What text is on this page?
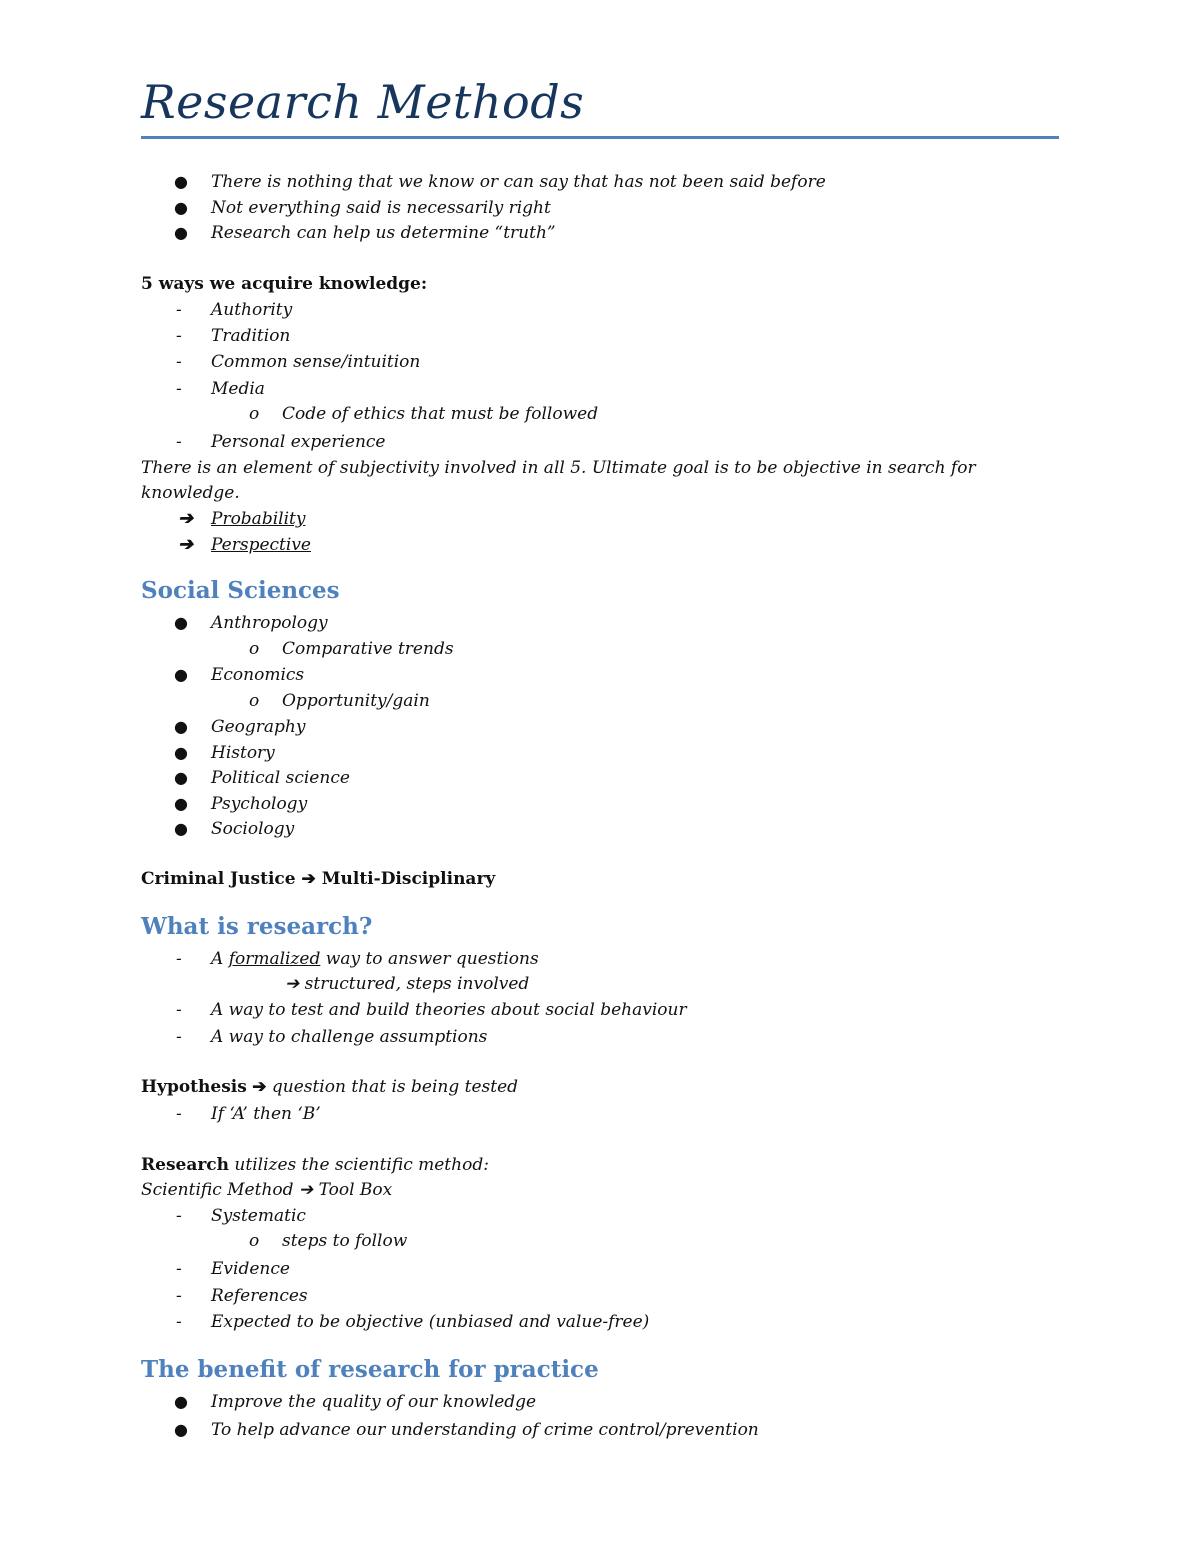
Research Methods
● There is nothing that we know or can say that has not been said before
● Not everything said is necessarily right
● Research can help us determine “truth”
5 ways we acquire knowledge:
- Authority
- Tradition
- Common sense/intuition
- Media
o Code of ethics that must be followed
- Personal experience
There is an element of subjectivity involved in all 5. Ultimate goal is to be objective in search for
knowledge.
➔ Probability
➔ Perspective
Social Sciences
● Anthropology
o Comparative trends
● Economics
o Opportunity/gain
● Geography
● History
● Political science
● Psychology
● Sociology
Criminal Justice ➔ Multi-Disciplinary
What is research?
- A formalized way to answer questions
➔ structured, steps involved
- A way to test and build theories about social behaviour
- A way to challenge assumptions
Hypothesis ➔ question that is being tested
- If ‘A’ then ‘B’
Research utilizes the scientific method:
Scientific Method ➔ Tool Box
- Systematic
o steps to follow
- Evidence
- References
- Expected to be objective (unbiased and value-free)
The benefit of research for practice
● Improve the quality of our knowledge
● To help advance our understanding of crime control/prevention
